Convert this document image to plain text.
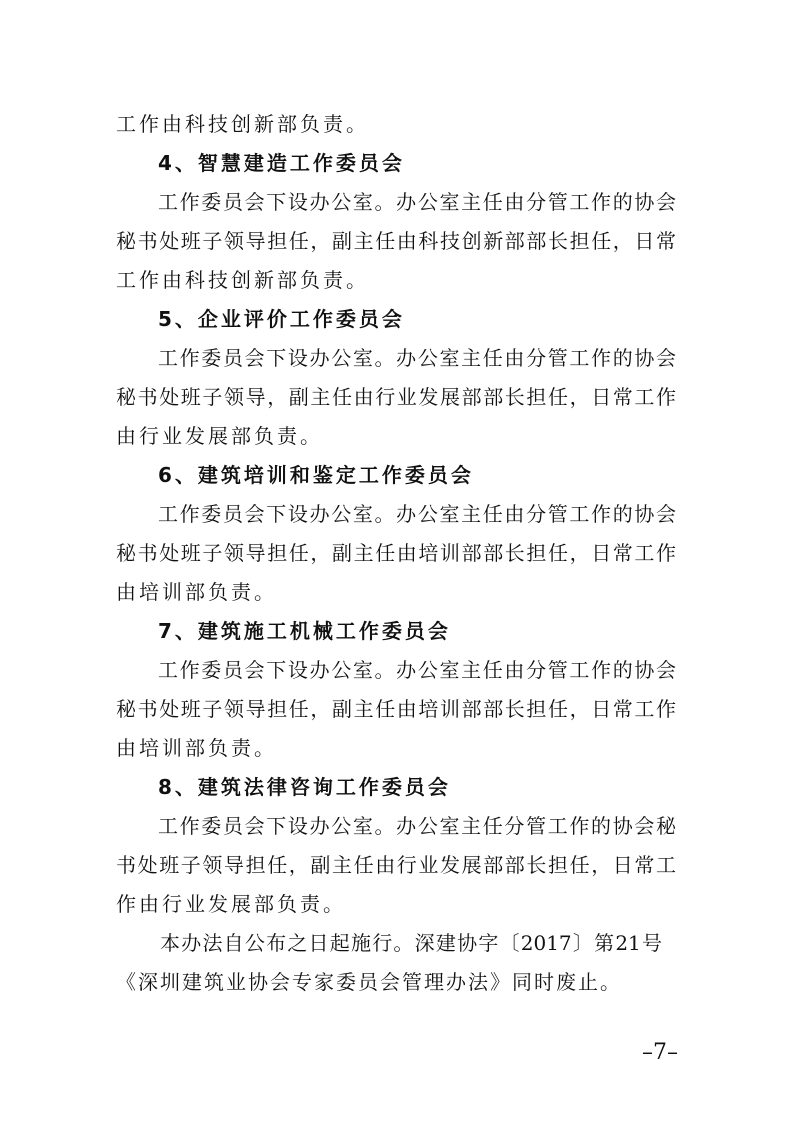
工作由科技创新部负责。
4、智慧建造工作委员会
工作委员会下设办公室。办公室主任由分管工作的协会
秘书处班子领导担任，副主任由科技创新部部长担任，日常
工作由科技创新部负责。
5、企业评价工作委员会
工作委员会下设办公室。办公室主任由分管工作的协会
秘书处班子领导，副主任由行业发展部部长担任，日常工作
由行业发展部负责。
6、建筑培训和鉴定工作委员会
工作委员会下设办公室。办公室主任由分管工作的协会
秘书处班子领导担任，副主任由培训部部长担任，日常工作
由培训部负责。
7、建筑施工机械工作委员会
工作委员会下设办公室。办公室主任由分管工作的协会
秘书处班子领导担任，副主任由培训部部长担任，日常工作
由培训部负责。
8、建筑法律咨询工作委员会
工作委员会下设办公室。办公室主任分管工作的协会秘
书处班子领导担任，副主任由行业发展部部长担任，日常工
作由行业发展部负责。
本办法自公布之日起施行。深建协字〔2017〕第21号
《深圳建筑业协会专家委员会管理办法》同时废止。
–7–
